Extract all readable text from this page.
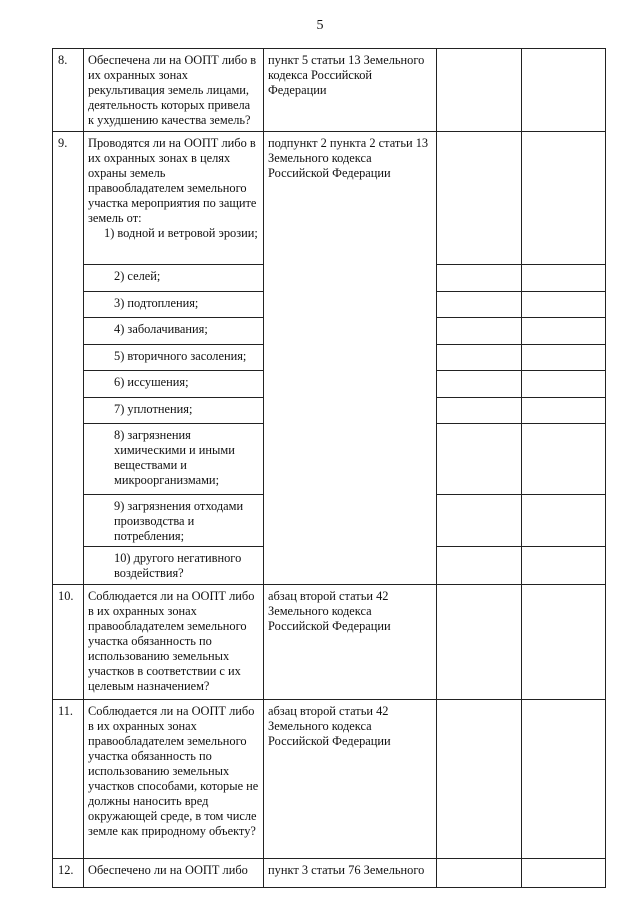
5
8.	Обеспечена ли на ООПТ либо в их охранных зонах рекультивация земель лицами, деятельность которых привела к ухудшению качества земель?	пункт 5 статьи 13 Земельного кодекса Российской Федерации		
9.	Проводятся ли на ООПТ либо в их охранных зонах в целях охраны земель правообладателем земельного участка мероприятия по защите земель от:
1) водной и ветровой эрозии;	подпункт 2 пункта 2 статьи 13 Земельного кодекса Российской Федерации		
	2) селей;			
	3) подтопления;			
	4) заболачивания;			
	5) вторичного засоления;			
	6) иссушения;			
	7) уплотнения;			
	8) загрязнения химическими и иными веществами и микроорганизмами;			
	9) загрязнения отходами производства и потребления;			
	10) другого негативного воздействия?			
10.	Соблюдается ли на ООПТ либо в их охранных зонах правообладателем земельного участка обязанность по использованию земельных участков в соответствии с их целевым назначением?	абзац второй статьи 42 Земельного кодекса Российской Федерации		
11.	Соблюдается ли на ООПТ либо в их охранных зонах правообладателем земельного участка обязанность по использованию земельных участков способами, которые не должны наносить вред окружающей среде, в том числе земле как природному объекту?	абзац второй статьи 42 Земельного кодекса Российской Федерации		
12.	Обеспечено ли на ООПТ либо	пункт 3 статьи 76 Земельного		
